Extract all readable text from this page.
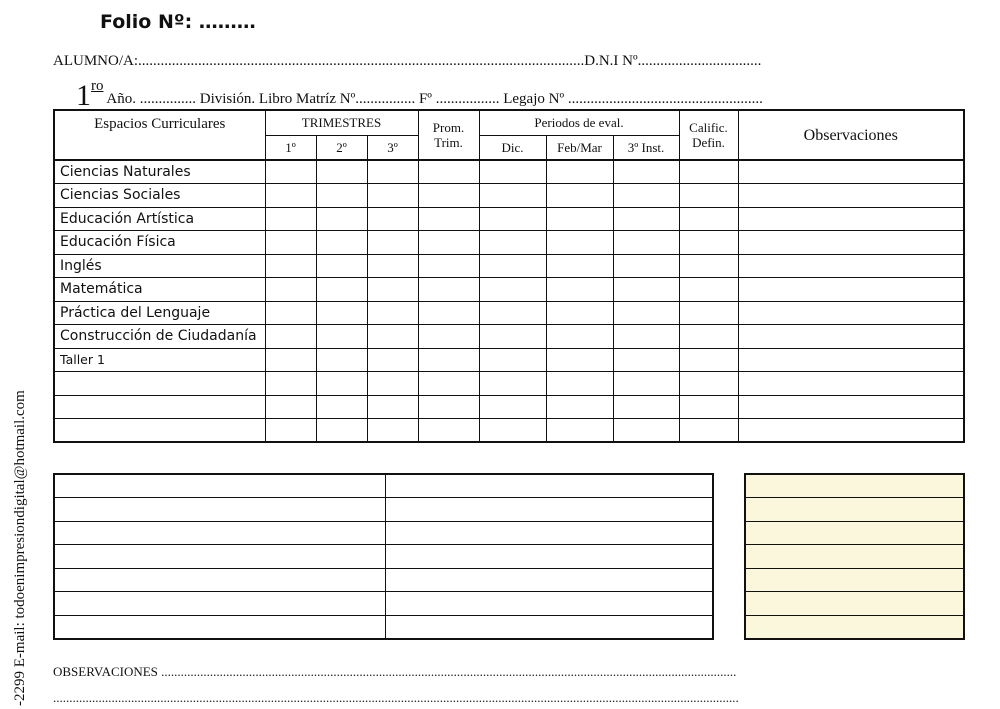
Folio Nº: ………
ALUMNO/A:.......................................................................................................................D.N.I Nº.................................
1ro Año. ............... División. Libro Matríz Nº................ Fº ................. Legajo Nº ....................................................
Espacios Curriculares	TRIMESTRES			Prom. Trim.	Periodos de eval.			Calific. Defin.	Observaciones
	1º	2º	3º		Dic.	Feb/Mar	3º Inst.		
Ciencias Naturales									
Ciencias Sociales									
Educación Artística									
Educación Física									
Inglés									
Matemática									
Práctica del Lenguaje									
Construcción de Ciudadanía									
Taller 1									

OBSERVACIONES .................................................................................................................................................................................
...................................................................................................................................................................................................................
-2299 E-mail: todoenimpresiondigital@hotmail.com
